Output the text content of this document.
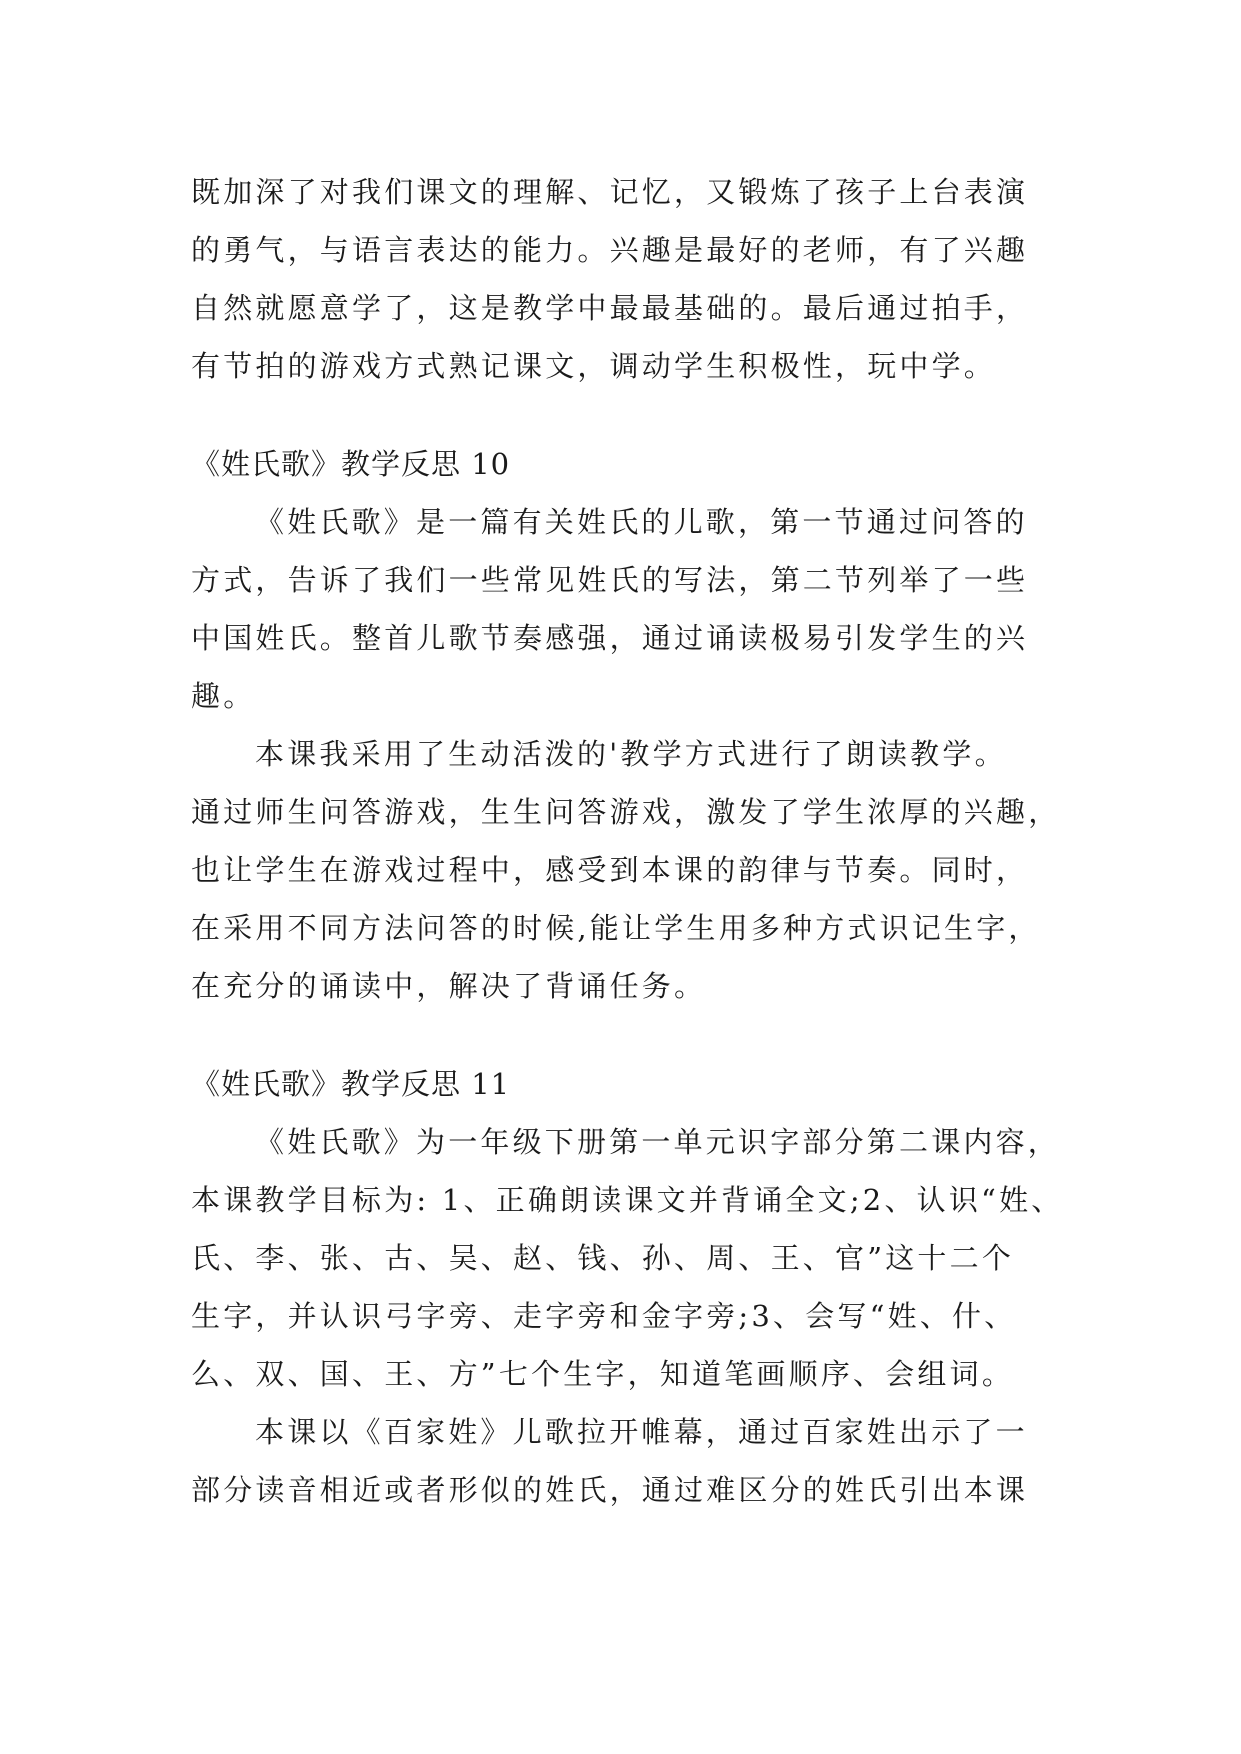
既加深了对我们课文的理解、记忆，又锻炼了孩子上台表演
的勇气，与语言表达的能力。兴趣是最好的老师，有了兴趣
自然就愿意学了，这是教学中最最基础的。最后通过拍手，
有节拍的游戏方式熟记课文，调动学生积极性，玩中学。
《姓氏歌》教学反思 10
《姓氏歌》是一篇有关姓氏的儿歌，第一节通过问答的
方式，告诉了我们一些常见姓氏的写法，第二节列举了一些
中国姓氏。整首儿歌节奏感强，通过诵读极易引发学生的兴
趣。
本课我采用了生动活泼的'教学方式进行了朗读教学。
通过师生问答游戏，生生问答游戏，激发了学生浓厚的兴趣，
也让学生在游戏过程中，感受到本课的韵律与节奏。同时，
在采用不同方法问答的时候,能让学生用多种方式识记生字，
在充分的诵读中，解决了背诵任务。
《姓氏歌》教学反思 11
《姓氏歌》为一年级下册第一单元识字部分第二课内容，
本课教学目标为: 1、正确朗读课文并背诵全文;2、认识“姓、
氏、李、张、古、吴、赵、钱、孙、周、王、官”这十二个
生字，并认识弓字旁、走字旁和金字旁;3、会写“姓、什、
么、双、国、王、方”七个生字，知道笔画顺序、会组词。
本课以《百家姓》儿歌拉开帷幕，通过百家姓出示了一
部分读音相近或者形似的姓氏，通过难区分的姓氏引出本课
